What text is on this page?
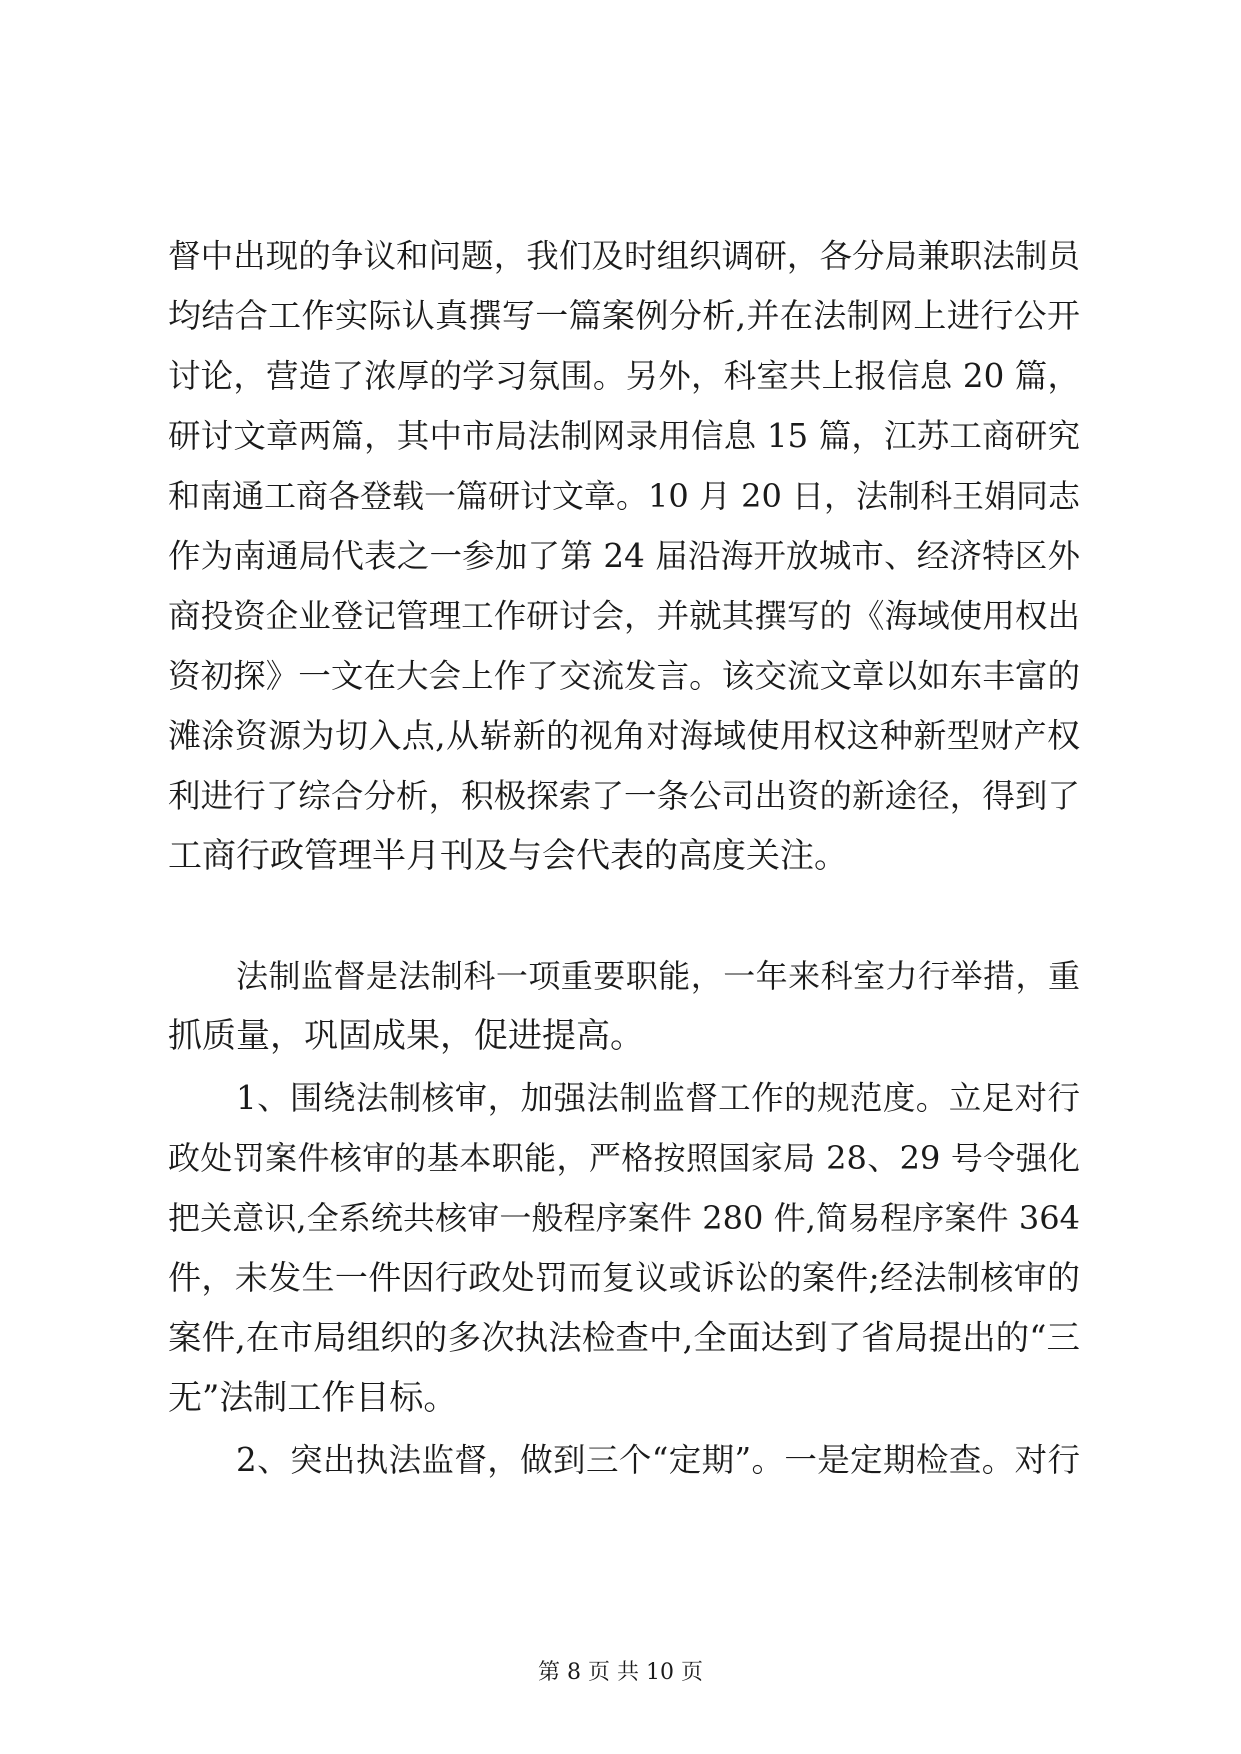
督中出现的争议和问题，我们及时组织调研，各分局兼职法制员
均结合工作实际认真撰写一篇案例分析,并在法制网上进行公开
讨论，营造了浓厚的学习氛围。另外，科室共上报信息 20 篇，
研讨文章两篇，其中市局法制网录用信息 15 篇，江苏工商研究
和南通工商各登载一篇研讨文章。10 月 20 日，法制科王娟同志
作为南通局代表之一参加了第 24 届沿海开放城市、经济特区外
商投资企业登记管理工作研讨会，并就其撰写的《海域使用权出
资初探》一文在大会上作了交流发言。该交流文章以如东丰富的
滩涂资源为切入点,从崭新的视角对海域使用权这种新型财产权
利进行了综合分析，积极探索了一条公司出资的新途径，得到了
工商行政管理半月刊及与会代表的高度关注。
法制监督是法制科一项重要职能，一年来科室力行举措，重
抓质量，巩固成果，促进提高。
1、围绕法制核审，加强法制监督工作的规范度。立足对行
政处罚案件核审的基本职能，严格按照国家局 28、29 号令强化
把关意识,全系统共核审一般程序案件 280 件,简易程序案件 364
件，未发生一件因行政处罚而复议或诉讼的案件;经法制核审的
案件,在市局组织的多次执法检查中,全面达到了省局提出的“三
无”法制工作目标。
2、突出执法监督，做到三个“定期”。一是定期检查。对行
第 8 页 共 10 页
